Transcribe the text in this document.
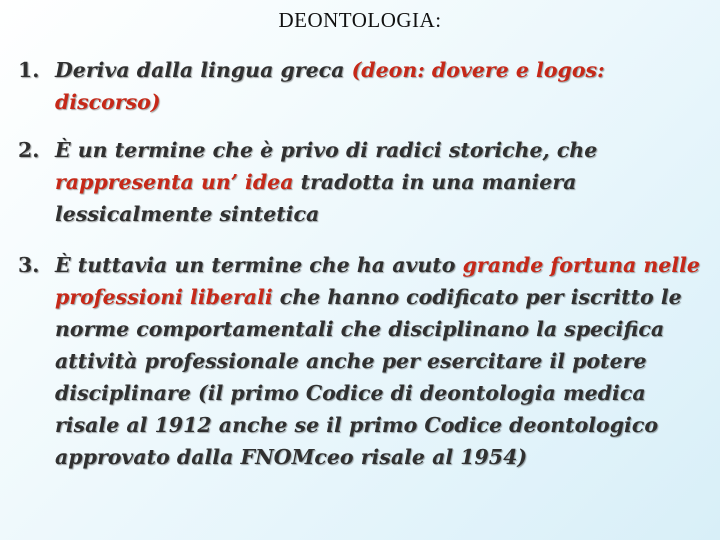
DEONTOLOGIA:
1. Deriva dalla lingua greca (deon: dovere e logos: discorso)
2. È un termine che è privo di radici storiche, che rappresenta un’ idea tradotta in una maniera lessicalmente sintetica
3. È tuttavia un termine che ha avuto grande fortuna nelle professioni liberali che hanno codificato per iscritto le norme comportamentali che disciplinano la specifica attività professionale anche per esercitare il potere disciplinare (il primo Codice di deontologia medica risale al 1912 anche se il primo Codice deontologico approvato dalla FNOMceo risale al 1954)
